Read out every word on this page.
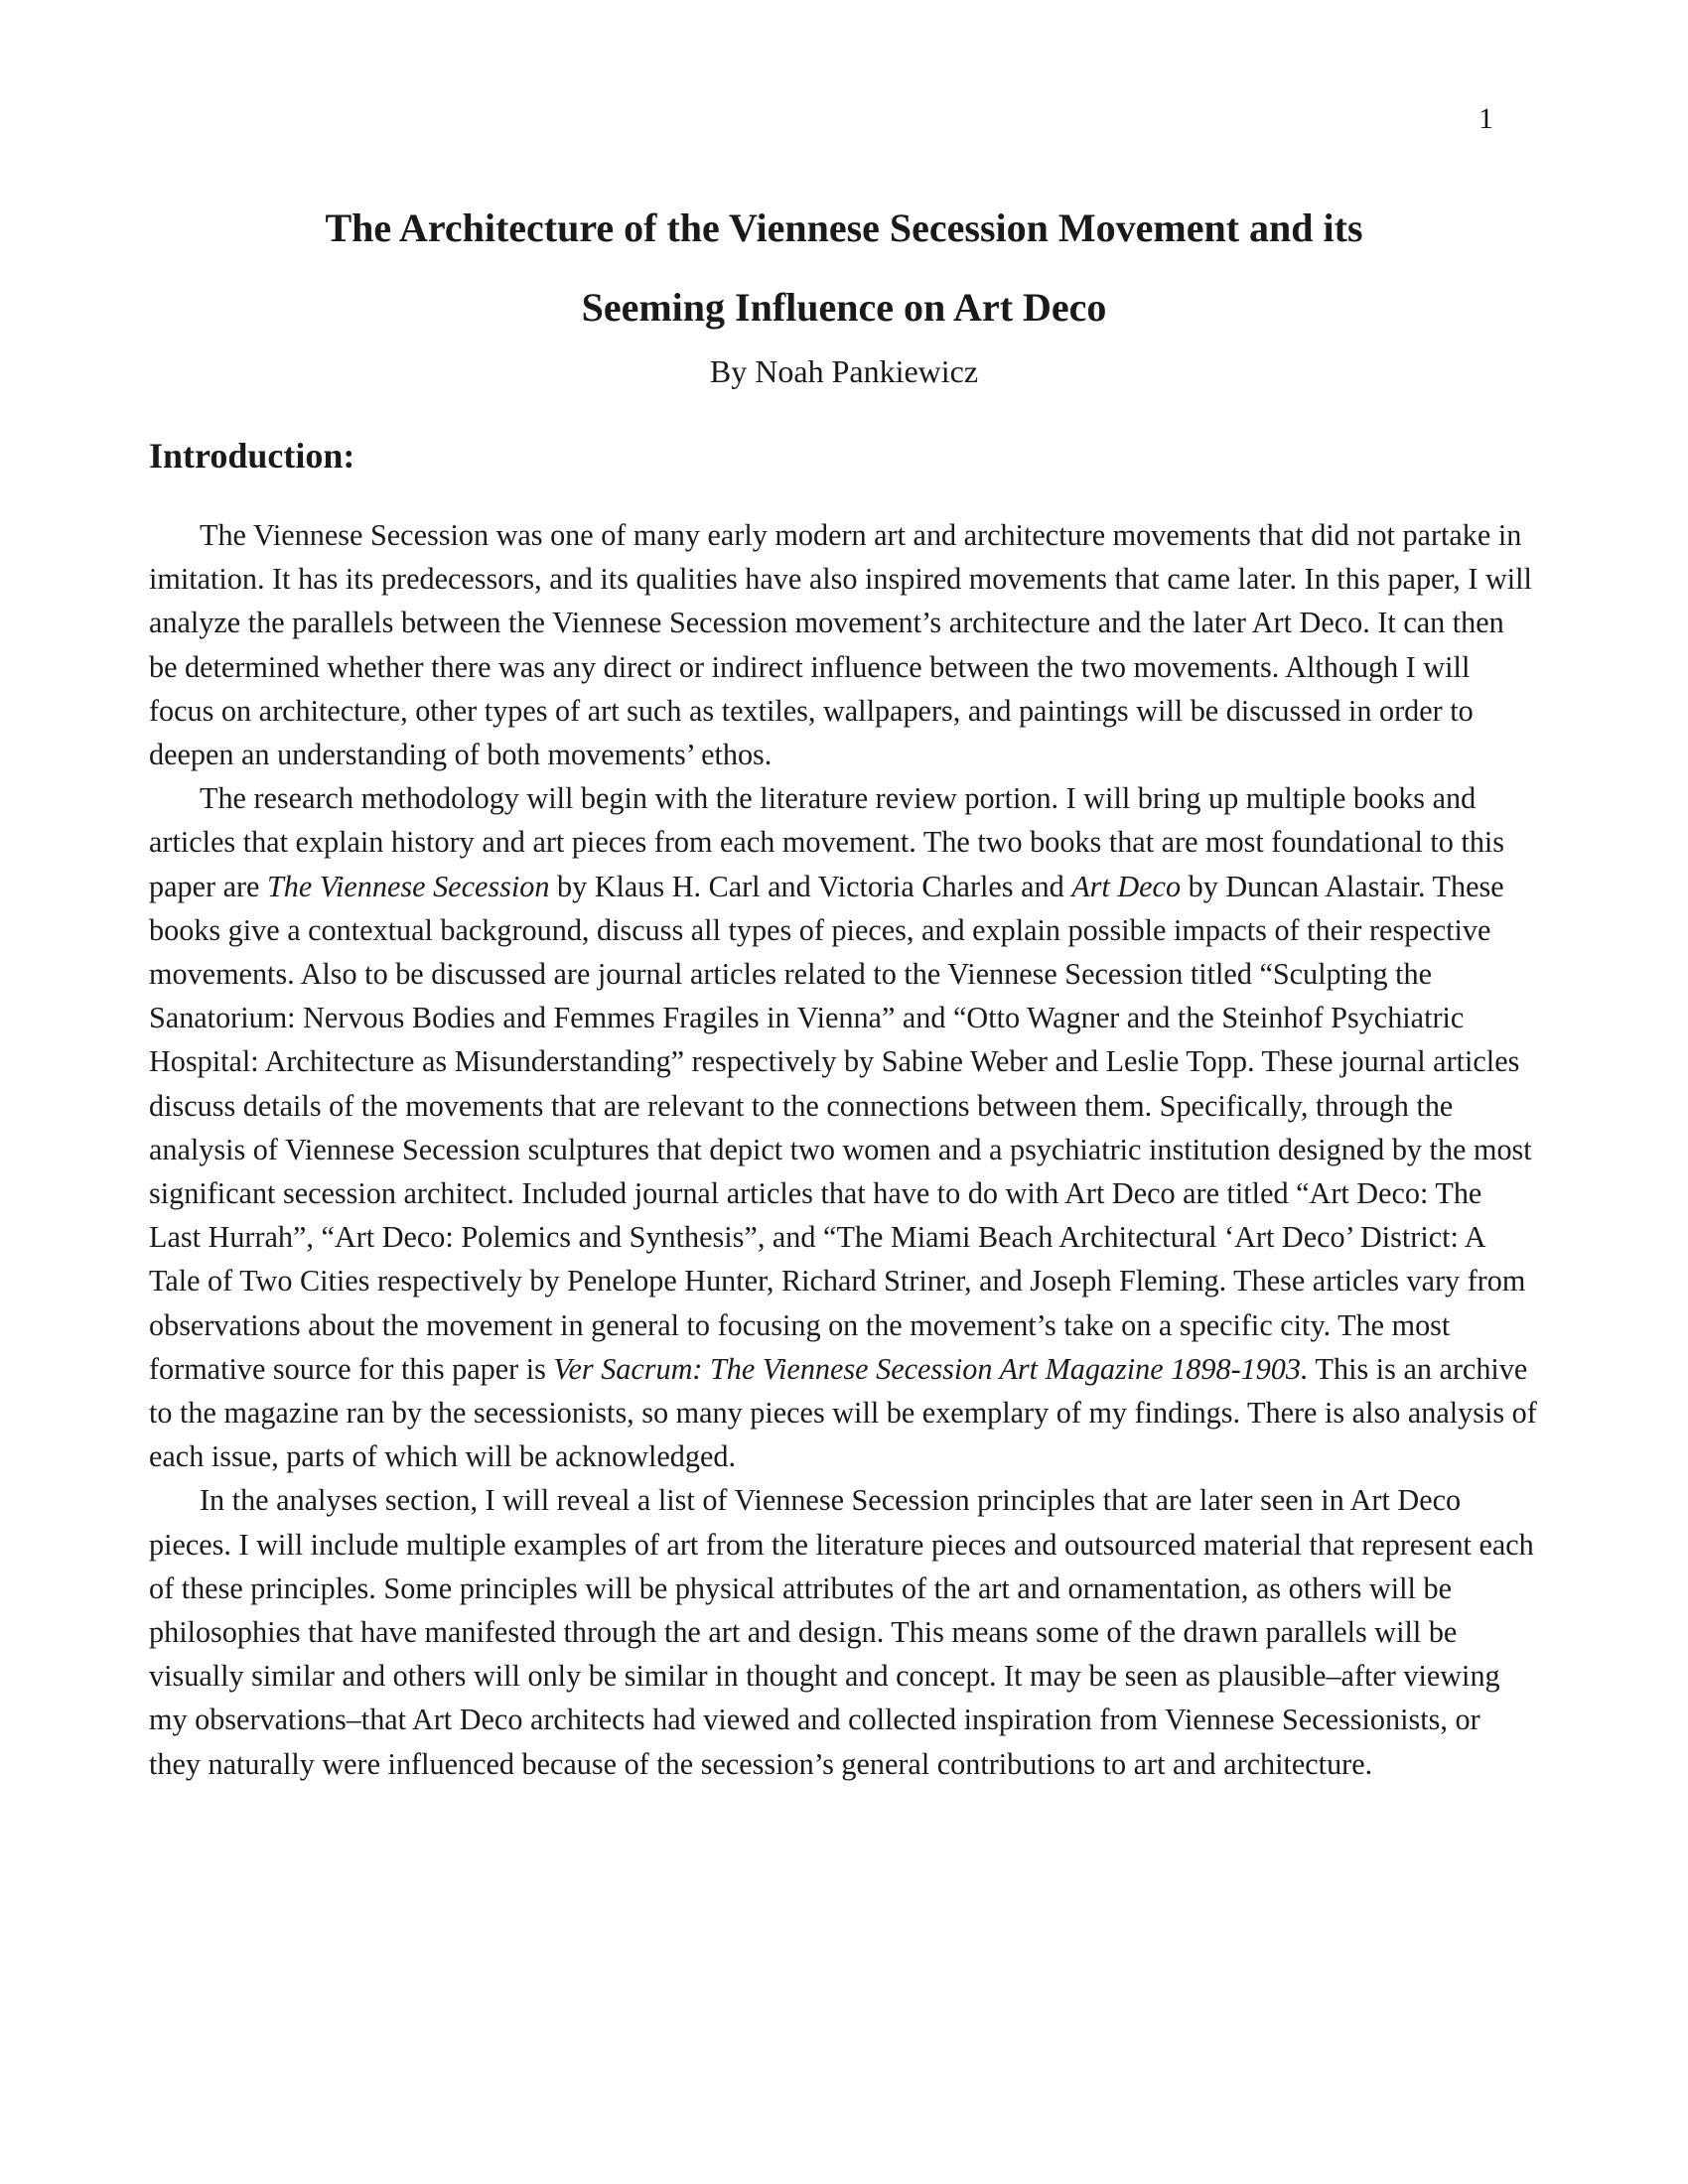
1
The Architecture of the Viennese Secession Movement and its
Seeming Influence on Art Deco
By Noah Pankiewicz
Introduction:

The Viennese Secession was one of many early modern art and architecture movements that did not partake in imitation. It has its predecessors, and its qualities have also inspired movements that came later. In this paper, I will analyze the parallels between the Viennese Secession movement’s architecture and the later Art Deco. It can then be determined whether there was any direct or indirect influence between the two movements. Although I will focus on architecture, other types of art such as textiles, wallpapers, and paintings will be discussed in order to deepen an understanding of both movements’ ethos.

The research methodology will begin with the literature review portion. I will bring up multiple books and articles that explain history and art pieces from each movement. The two books that are most foundational to this paper are The Viennese Secession by Klaus H. Carl and Victoria Charles and Art Deco by Duncan Alastair. These books give a contextual background, discuss all types of pieces, and explain possible impacts of their respective movements. Also to be discussed are journal articles related to the Viennese Secession titled “Sculpting the Sanatorium: Nervous Bodies and Femmes Fragiles in Vienna” and “Otto Wagner and the Steinhof Psychiatric Hospital: Architecture as Misunderstanding” respectively by Sabine Weber and Leslie Topp. These journal articles discuss details of the movements that are relevant to the connections between them. Specifically, through the analysis of Viennese Secession sculptures that depict two women and a psychiatric institution designed by the most significant secession architect. Included journal articles that have to do with Art Deco are titled “Art Deco: The Last Hurrah”, “Art Deco: Polemics and Synthesis”, and “The Miami Beach Architectural ‘Art Deco’ District: A Tale of Two Cities respectively by Penelope Hunter, Richard Striner, and Joseph Fleming. These articles vary from observations about the movement in general to focusing on the movement’s take on a specific city. The most formative source for this paper is Ver Sacrum: The Viennese Secession Art Magazine 1898-1903. This is an archive to the magazine ran by the secessionists, so many pieces will be exemplary of my findings. There is also analysis of each issue, parts of which will be acknowledged.

In the analyses section, I will reveal a list of Viennese Secession principles that are later seen in Art Deco pieces. I will include multiple examples of art from the literature pieces and outsourced material that represent each of these principles. Some principles will be physical attributes of the art and ornamentation, as others will be philosophies that have manifested through the art and design. This means some of the drawn parallels will be visually similar and others will only be similar in thought and concept. It may be seen as plausible–after viewing my observations–that Art Deco architects had viewed and collected inspiration from Viennese Secessionists, or they naturally were influenced because of the secession’s general contributions to art and architecture.
